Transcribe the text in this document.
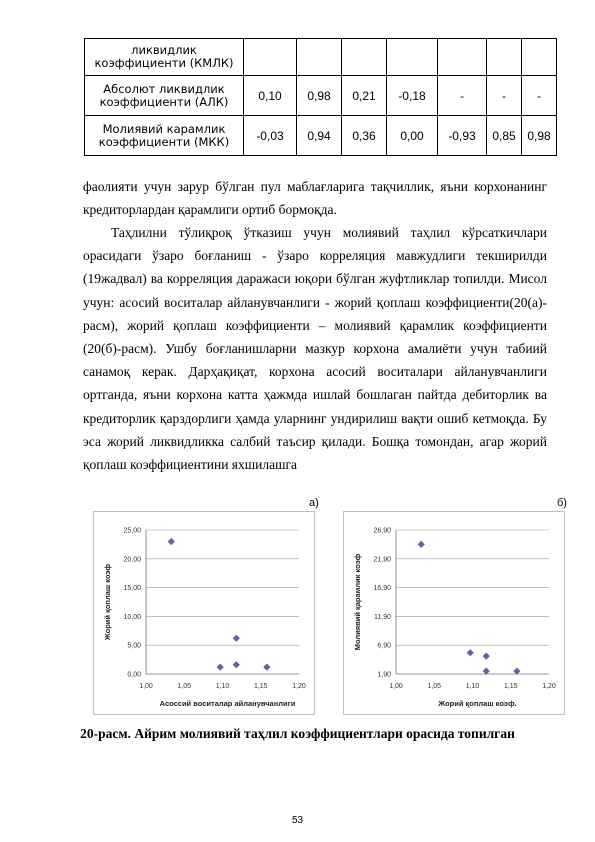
ликвидлик коэффициенти (КМЛК)							
Абсолют ликвидлик коэффициенти (АЛК)	0,10	0,98	0,21	-0,18	-	-	-
Молиявий карамлик коэффициенти (МКК)	-0,03	0,94	0,36	0,00	-0,93	0,85	0,98

фаолияти учун зарур бўлган пул маблағларига тақчиллик, яъни корхонанинг кредиторлардан қарамлиги ортиб бормоқда.

Таҳлилни тўлиқроқ ўтказиш учун молиявий таҳлил кўрсаткичлари орасидаги ўзаро боғланиш - ўзаро корреляция мавжудлиги текширилди (19жадвал) ва корреляция даражаси юқори бўлган жуфтликлар топилди. Мисол учун: асосий воситалар айланувчанлиги - жорий қоплаш коэффициенти(20(а)-расм), жорий қоплаш коэффициенти – молиявий қарамлик коэффициенти (20(б)-расм). Ушбу боғланишларни мазкур корхона амалиёти учун табиий санамоқ керак. Дарҳақиқат, корхона асосий воситалари айланувчанлиги ортганда, яъни корхона катта ҳажмда ишлай бошлаган пайтда дебиторлик ва кредиторлик қарздорлиги ҳамда уларнинг ундирилиш вақти ошиб кетмоқда. Бу эса жорий ликвидликка салбий таъсир қилади. Бошқа томондан, агар жорий қоплаш коэффициентини яхшилашга

а)	б)
0,00
5,00
10,00
15,00
20,00
25,00
1,00	1,05	1,10	1,15	1,20
Асоссий воситалар айланувчанлиги
Жорий қоплаш коэф
1,90
6,90
11,90
16,90
21,90
26,90
1,00	1,05	1,10	1,15	1,20
Жорий қоплаш коэф.
Молиявий қарамлик коэф
20-расм. Айрим молиявий таҳлил коэффициентлари орасида топилган
53
